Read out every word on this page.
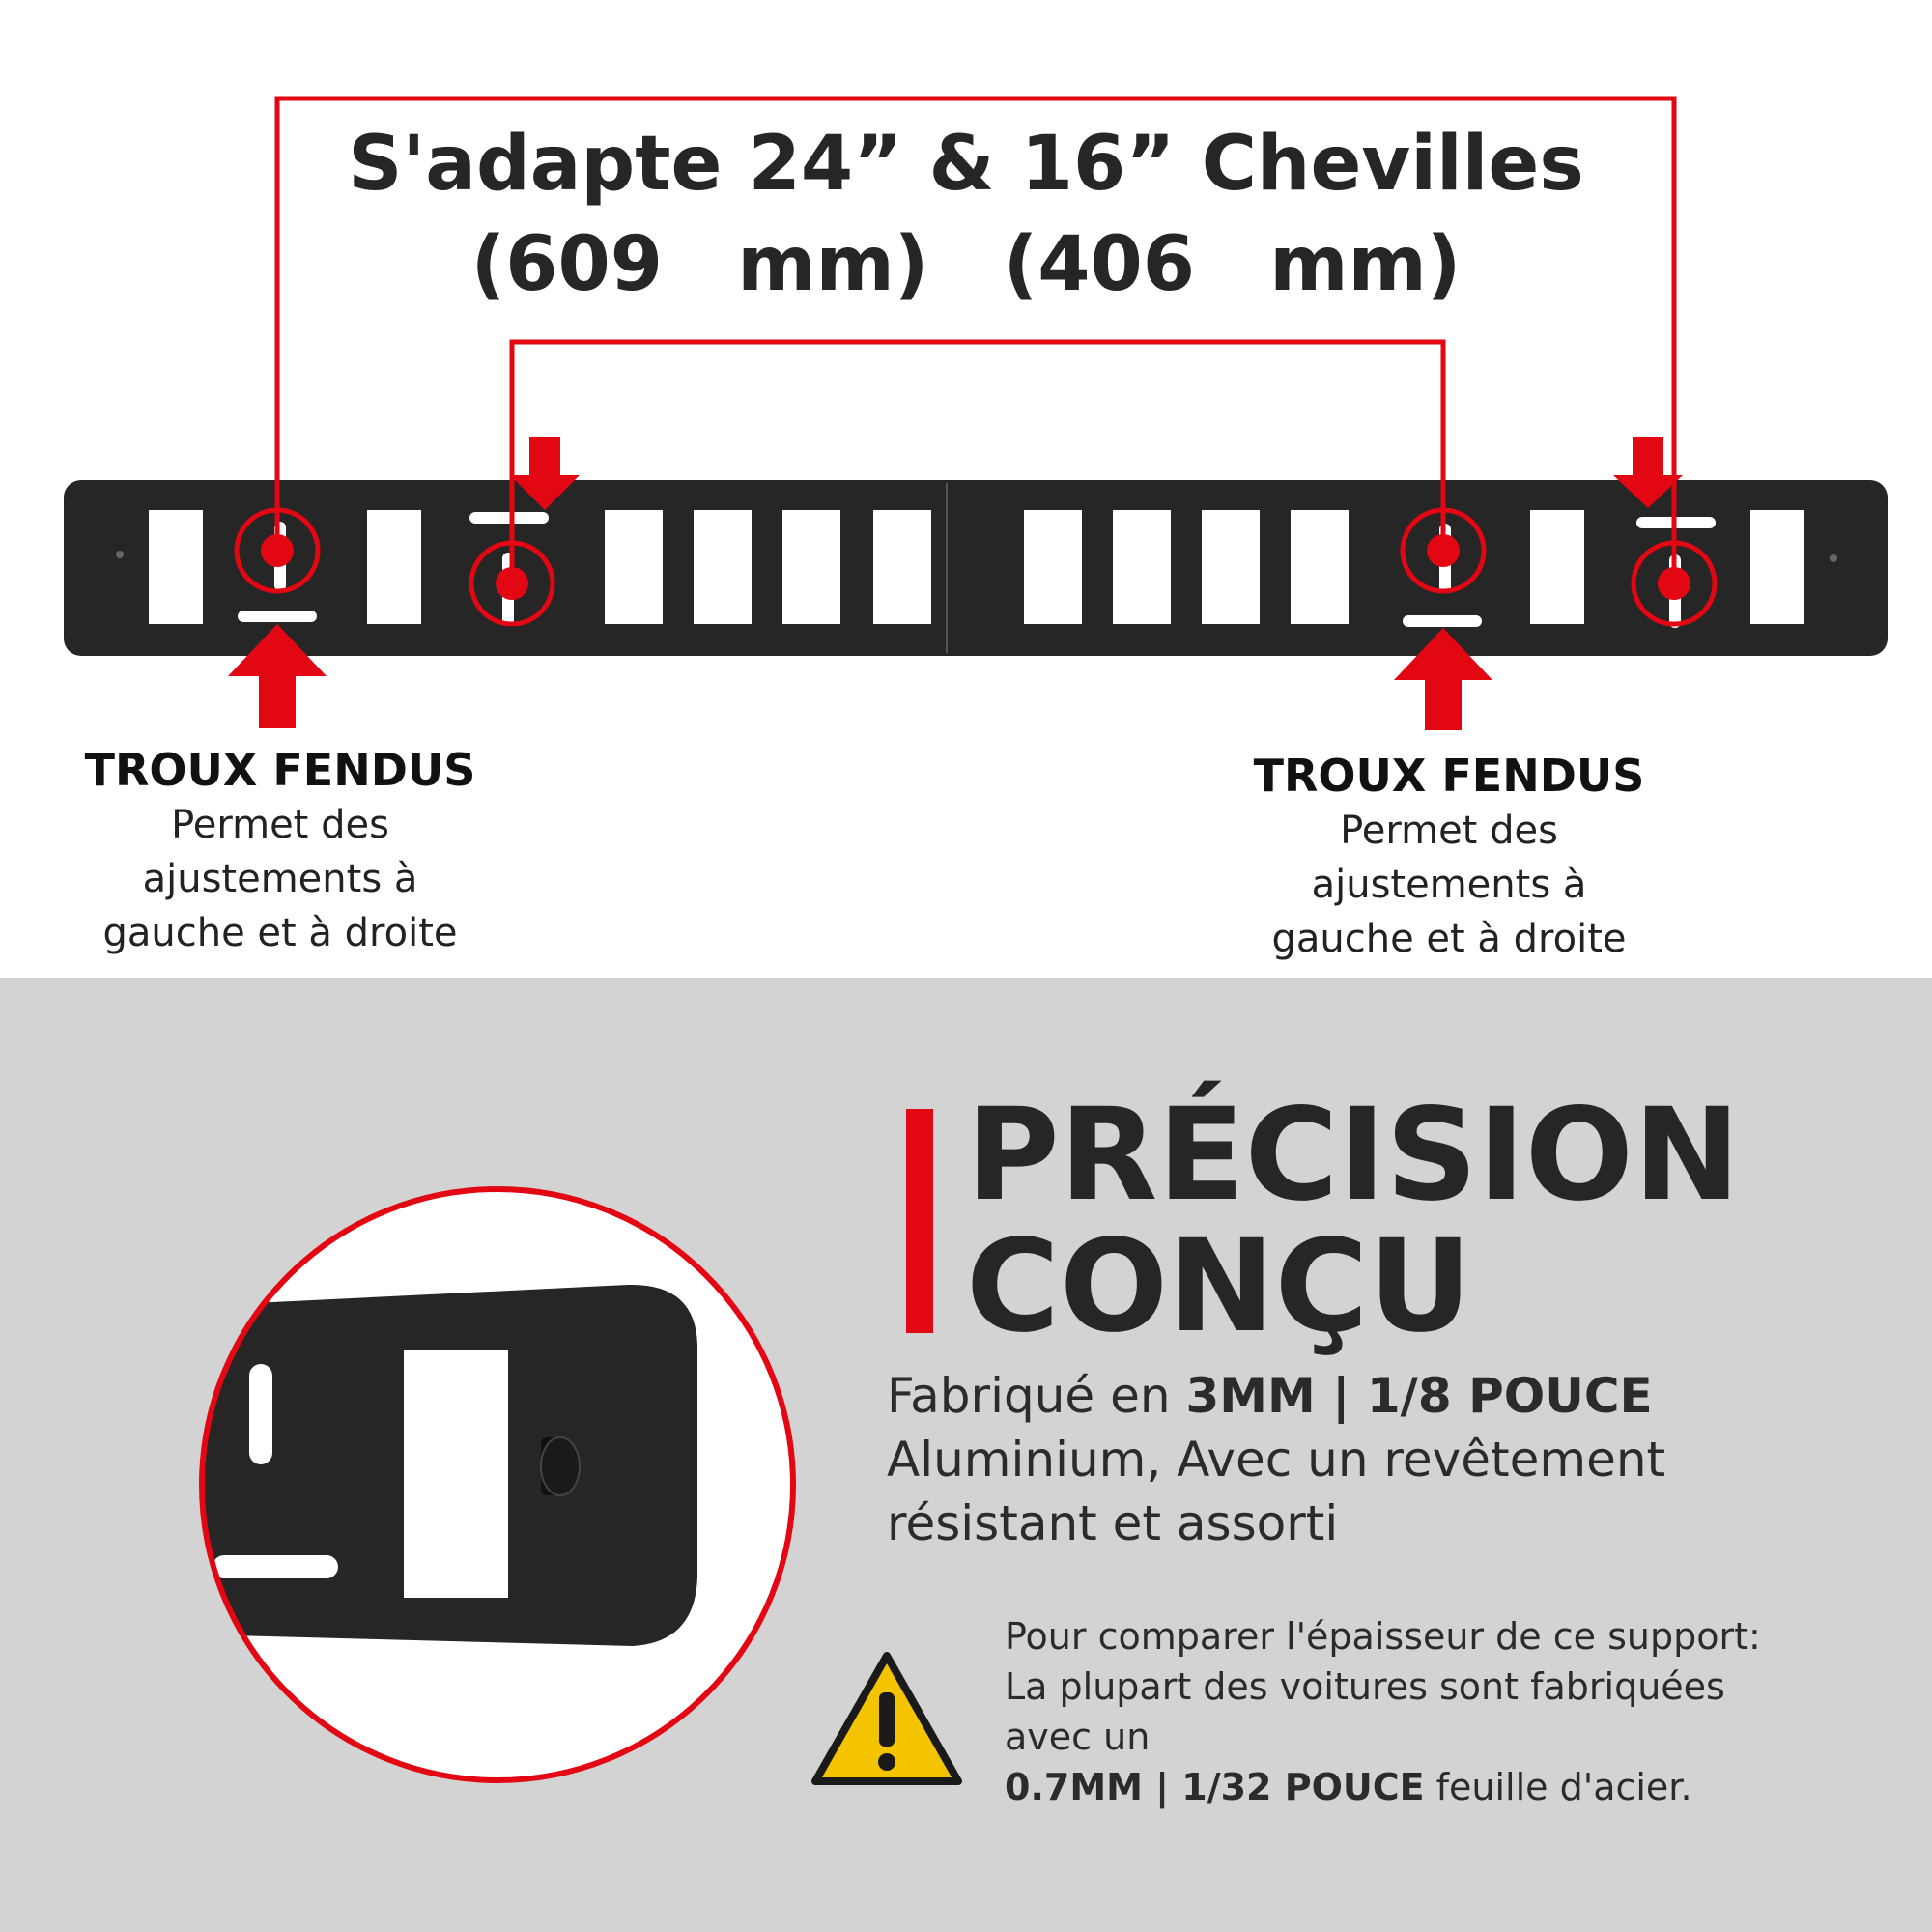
S'adapte 24” & 16” Chevilles
(609 mm) (406 mm)
TROUX FENDUS
Permet des
ajustements à
gauche et à droite
TROUX FENDUS
Permet des
ajustements à
gauche et à droite
PRÉCISION
CONÇU
Fabriqué en 3MM | 1/8 POUCE
Aluminium, Avec un revêtement
résistant et assorti
Pour comparer l'épaisseur de ce support:
La plupart des voitures sont fabriquées
avec un
0.7MM | 1/32 POUCE feuille d'acier.
